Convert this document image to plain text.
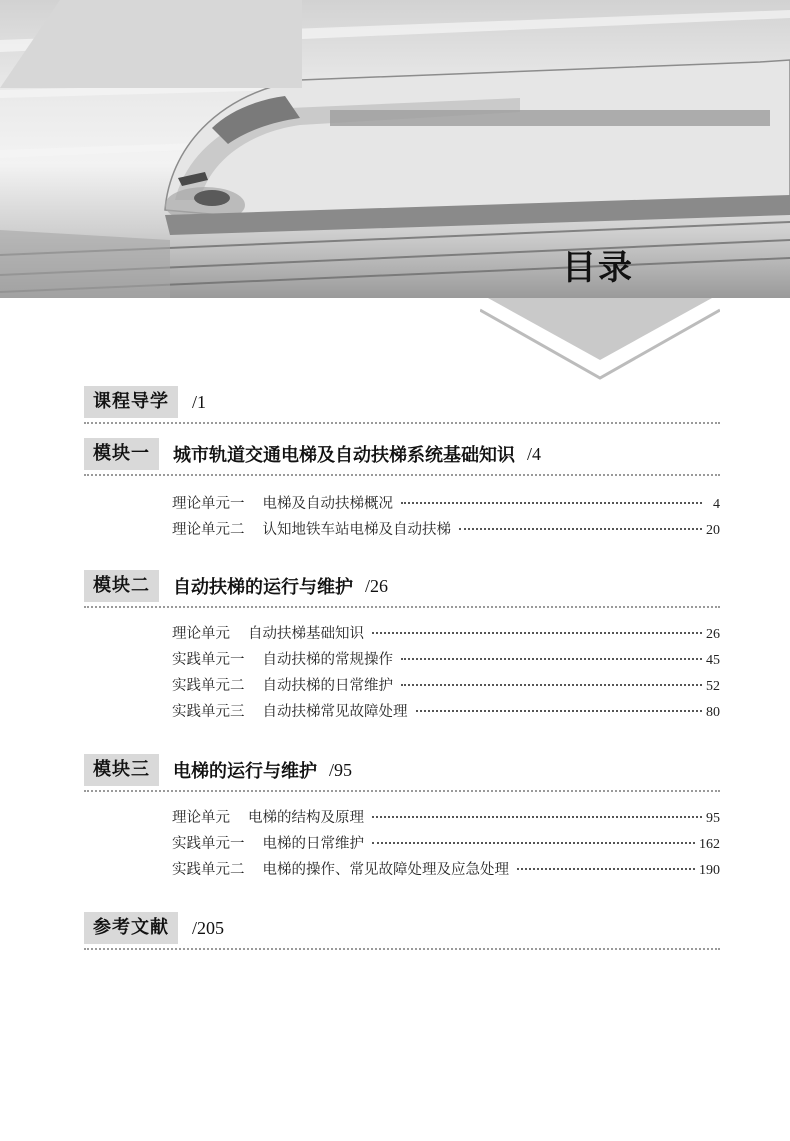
目录
课程导学	/1
模块一	城市轨道交通电梯及自动扶梯系统基础知识 /4
理论单元一 电梯及自动扶梯概况	4
理论单元二 认知地铁车站电梯及自动扶梯	20
模块二	自动扶梯的运行与维护 /26
理论单元 自动扶梯基础知识	26
实践单元一 自动扶梯的常规操作	45
实践单元二 自动扶梯的日常维护	52
实践单元三 自动扶梯常见故障处理	80
模块三	电梯的运行与维护 /95
理论单元 电梯的结构及原理	95
实践单元一 电梯的日常维护	162
实践单元二 电梯的操作、常见故障处理及应急处理	190
参考文献	/205
